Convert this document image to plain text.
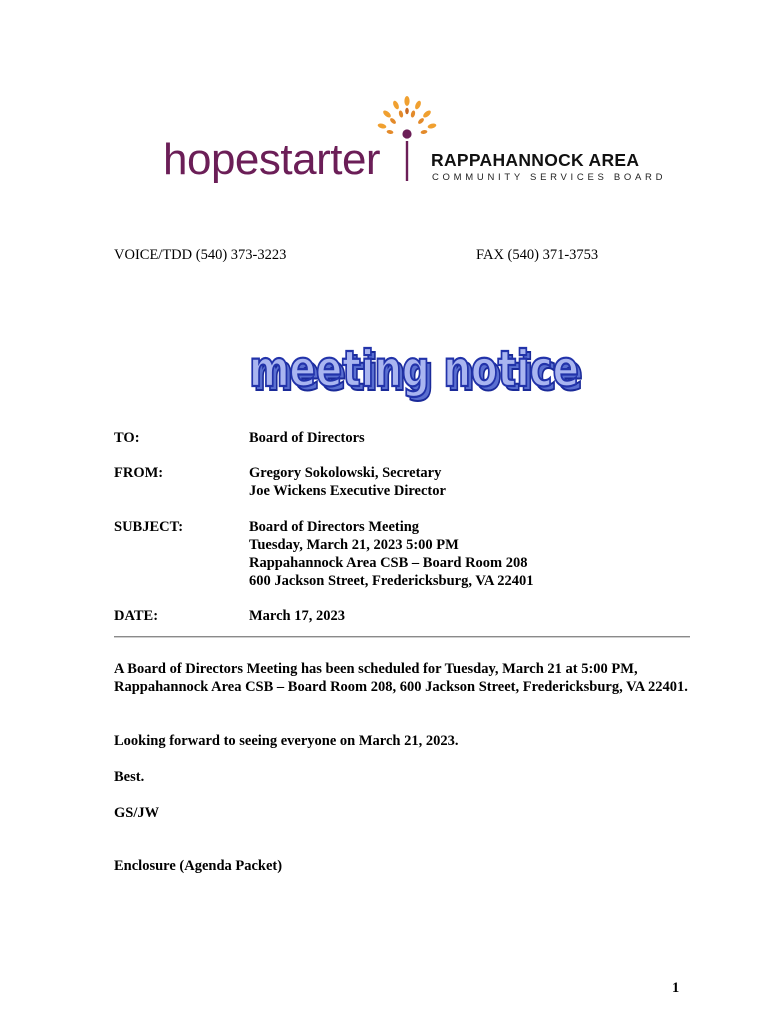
hopestarter	RAPPAHANNOCK AREA
COMMUNITY SERVICES BOARD
VOICE/TDD (540) 373-3223	FAX (540) 371-3753
meeting notice
meeting notice
TO:	Board of Directors
FROM:	Gregory Sokolowski, Secretary
Joe Wickens Executive Director
SUBJECT:	Board of Directors Meeting
Tuesday, March 21, 2023 5:00 PM
Rappahannock Area CSB – Board Room 208
600 Jackson Street, Fredericksburg, VA 22401
DATE:	March 17, 2023
A Board of Directors Meeting has been scheduled for Tuesday, March 21 at 5:00 PM, Rappahannock Area CSB – Board Room 208, 600 Jackson Street, Fredericksburg, VA 22401.
Looking forward to seeing everyone on March 21, 2023.
Best.
GS/JW
Enclosure (Agenda Packet)
1
